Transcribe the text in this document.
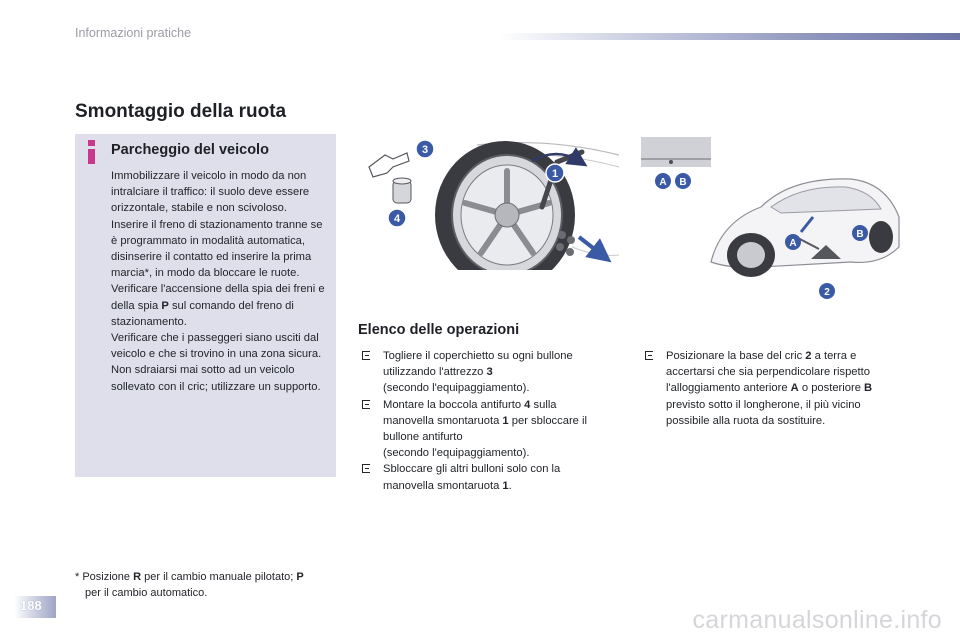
Informazioni pratiche
Smontaggio della ruota
Parcheggio del veicolo

Immobilizzare il veicolo in modo da non intralciare il traffico: il suolo deve essere orizzontale, stabile e non scivoloso.

Inserire il freno di stazionamento tranne se è programmato in modalità automatica, disinserire il contatto ed inserire la prima marcia*, in modo da bloccare le ruote.

Verificare l'accensione della spia dei freni e della spia P sul comando del freno di stazionamento.

Verificare che i passeggeri siano usciti dal veicolo e che si trovino in una zona sicura.

Non sdraiarsi mai sotto ad un veicolo sollevato con il cric; utilizzare un supporto.

* Posizione R per il cambio manuale pilotato; P
per il cambio automatico.
3
1
4
A B
B
A
2
Elenco delle operazioni
Togliere il coperchietto su ogni bullone utilizzando l'attrezzo 3
(secondo l'equipaggiamento).
Montare la boccola antifurto 4 sulla manovella smontaruota 1 per sbloccare il bullone antifurto
(secondo l'equipaggiamento).
Sbloccare gli altri bulloni solo con la manovella smontaruota 1.
Posizionare la base del cric 2 a terra e accertarsi che sia perpendicolare rispetto l'alloggiamento anteriore A o posteriore B previsto sotto il longherone, il più vicino possibile alla ruota da sostituire.
188
carmanualsonline.info
